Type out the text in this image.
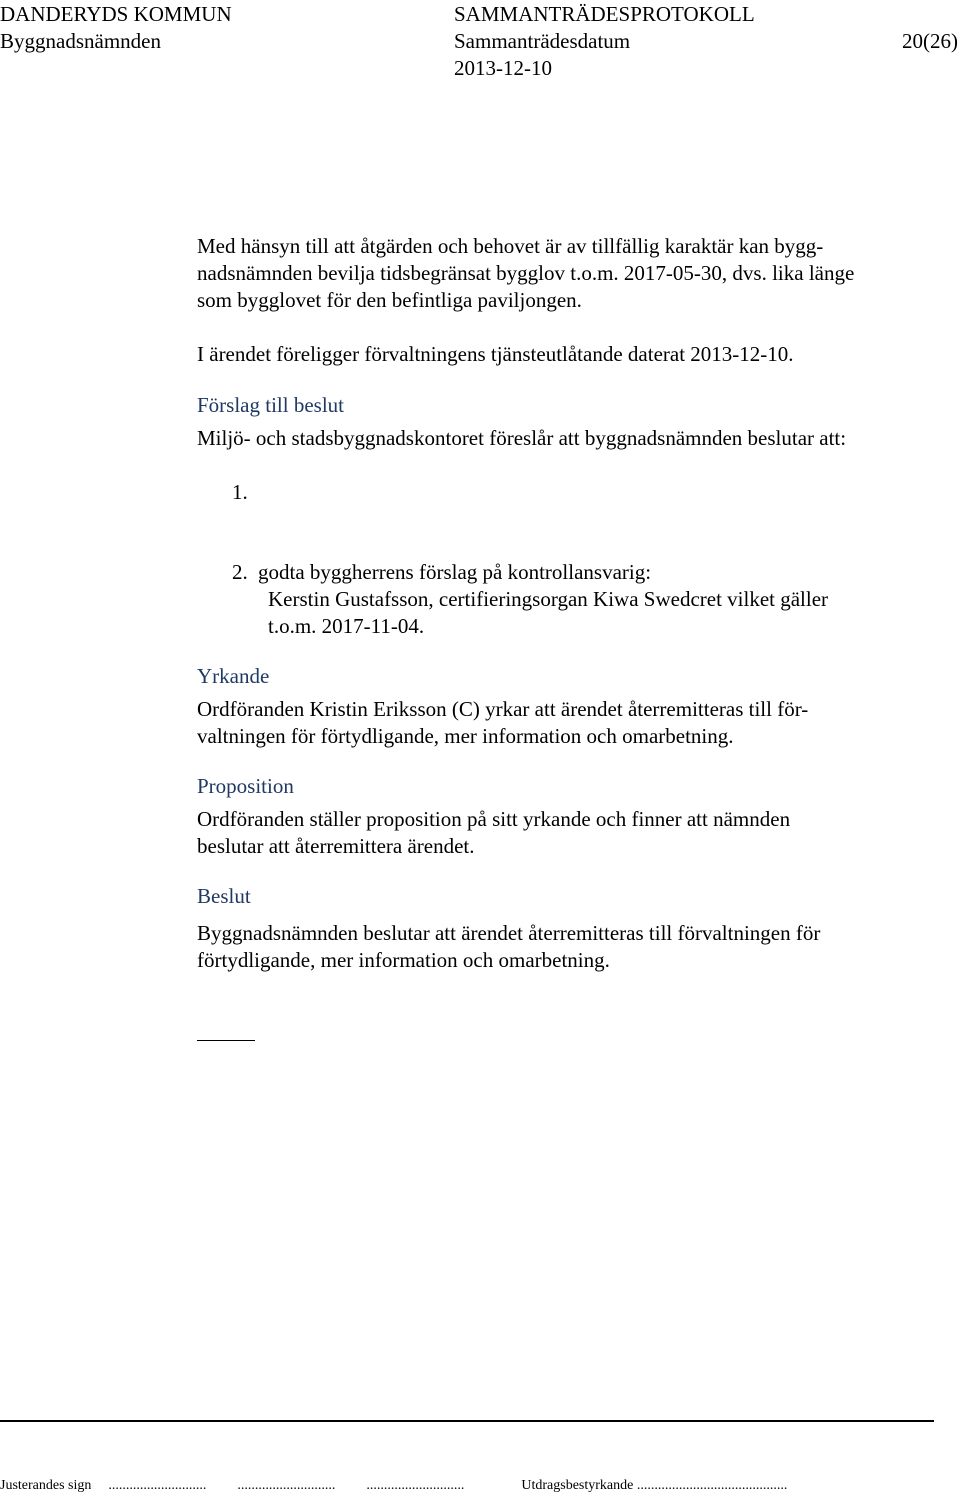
DANDERYDS KOMMUN
Byggnadsnämnden
SAMMANTRÄDESPROTOKOLL
Sammanträdesdatum
2013-12-10
20(26)
Med hänsyn till att åtgärden och behovet är av tillfällig karaktär kan bygg-
nadsnämnden bevilja tidsbegränsat bygglov t.o.m. 2017-05-30, dvs. lika länge
som bygglovet för den befintliga paviljongen.
I ärendet föreligger förvaltningens tjänsteutlåtande daterat 2013-12-10.
Förslag till beslut
Miljö- och stadsbyggnadskontoret föreslår att byggnadsnämnden beslutar att:
1.
2. godta byggherrens förslag på kontrollansvarig:
Kerstin Gustafsson, certifieringsorgan Kiwa Swedcret vilket gäller
t.o.m. 2017-11-04.
Yrkande
Ordföranden Kristin Eriksson (C) yrkar att ärendet återremitteras till för-
valtningen för förtydligande, mer information och omarbetning.
Proposition
Ordföranden ställer proposition på sitt yrkande och finner att nämnden
beslutar att återremittera ärendet.
Beslut
Byggnadsnämnden beslutar att ärendet återremitteras till förvaltningen för
förtydligande, mer information och omarbetning.
Justerandes sign ............................ ............................ ............................	Utdragsbestyrkande ...........................................
